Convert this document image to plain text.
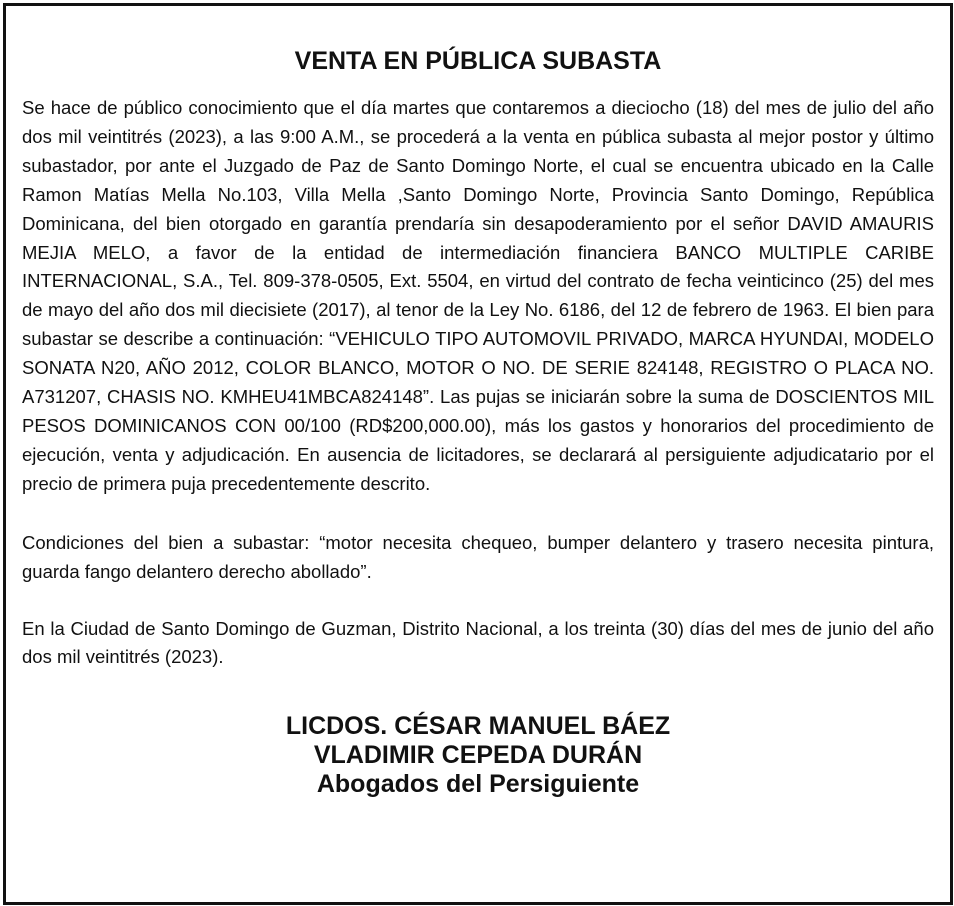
VENTA EN PÚBLICA SUBASTA

Se hace de público conocimiento que el día martes que contaremos a dieciocho (18) del mes de julio del año dos mil veintitrés (2023), a las 9:00 A.M., se procederá a la venta en pública subasta al mejor postor y último subastador, por ante el Juzgado de Paz de Santo Domingo Norte, el cual se encuentra ubicado en la Calle Ramon Matías Mella No.103, Villa Mella ,Santo Domingo Norte, Provincia Santo Domingo, República Dominicana, del bien otorgado en garantía prendaría sin desapoderamiento por el señor DAVID AMAURIS MEJIA MELO, a favor de la entidad de intermediación financiera BANCO MULTIPLE CARIBE INTERNACIONAL, S.A., Tel. 809-378-0505, Ext. 5504, en virtud del contrato de fecha veinticinco (25) del mes de mayo del año dos mil diecisiete (2017), al tenor de la Ley No. 6186, del 12 de febrero de 1963. El bien para subastar se describe a continuación: “VEHICULO TIPO AUTOMOVIL PRIVADO, MARCA HYUNDAI, MODELO SONATA N20, AÑO 2012, COLOR BLANCO, MOTOR O NO. DE SERIE 824148, REGISTRO O PLACA NO. A731207, CHASIS NO. KMHEU41MBCA824148”. Las pujas se iniciarán sobre la suma de DOSCIENTOS MIL PESOS DOMINICANOS CON 00/100 (RD$200,000.00), más los gastos y honorarios del procedimiento de ejecución, venta y adjudicación. En ausencia de licitadores, se declarará al persiguiente adjudicatario por el precio de primera puja precedentemente descrito.

Condiciones del bien a subastar: “motor necesita chequeo, bumper delantero y trasero necesita pintura, guarda fango delantero derecho abollado”.

En la Ciudad de Santo Domingo de Guzman, Distrito Nacional, a los treinta (30) días del mes de junio del año dos mil veintitrés (2023).

LICDOS. CÉSAR MANUEL BÁEZ
VLADIMIR CEPEDA DURÁN
Abogados del Persiguiente
